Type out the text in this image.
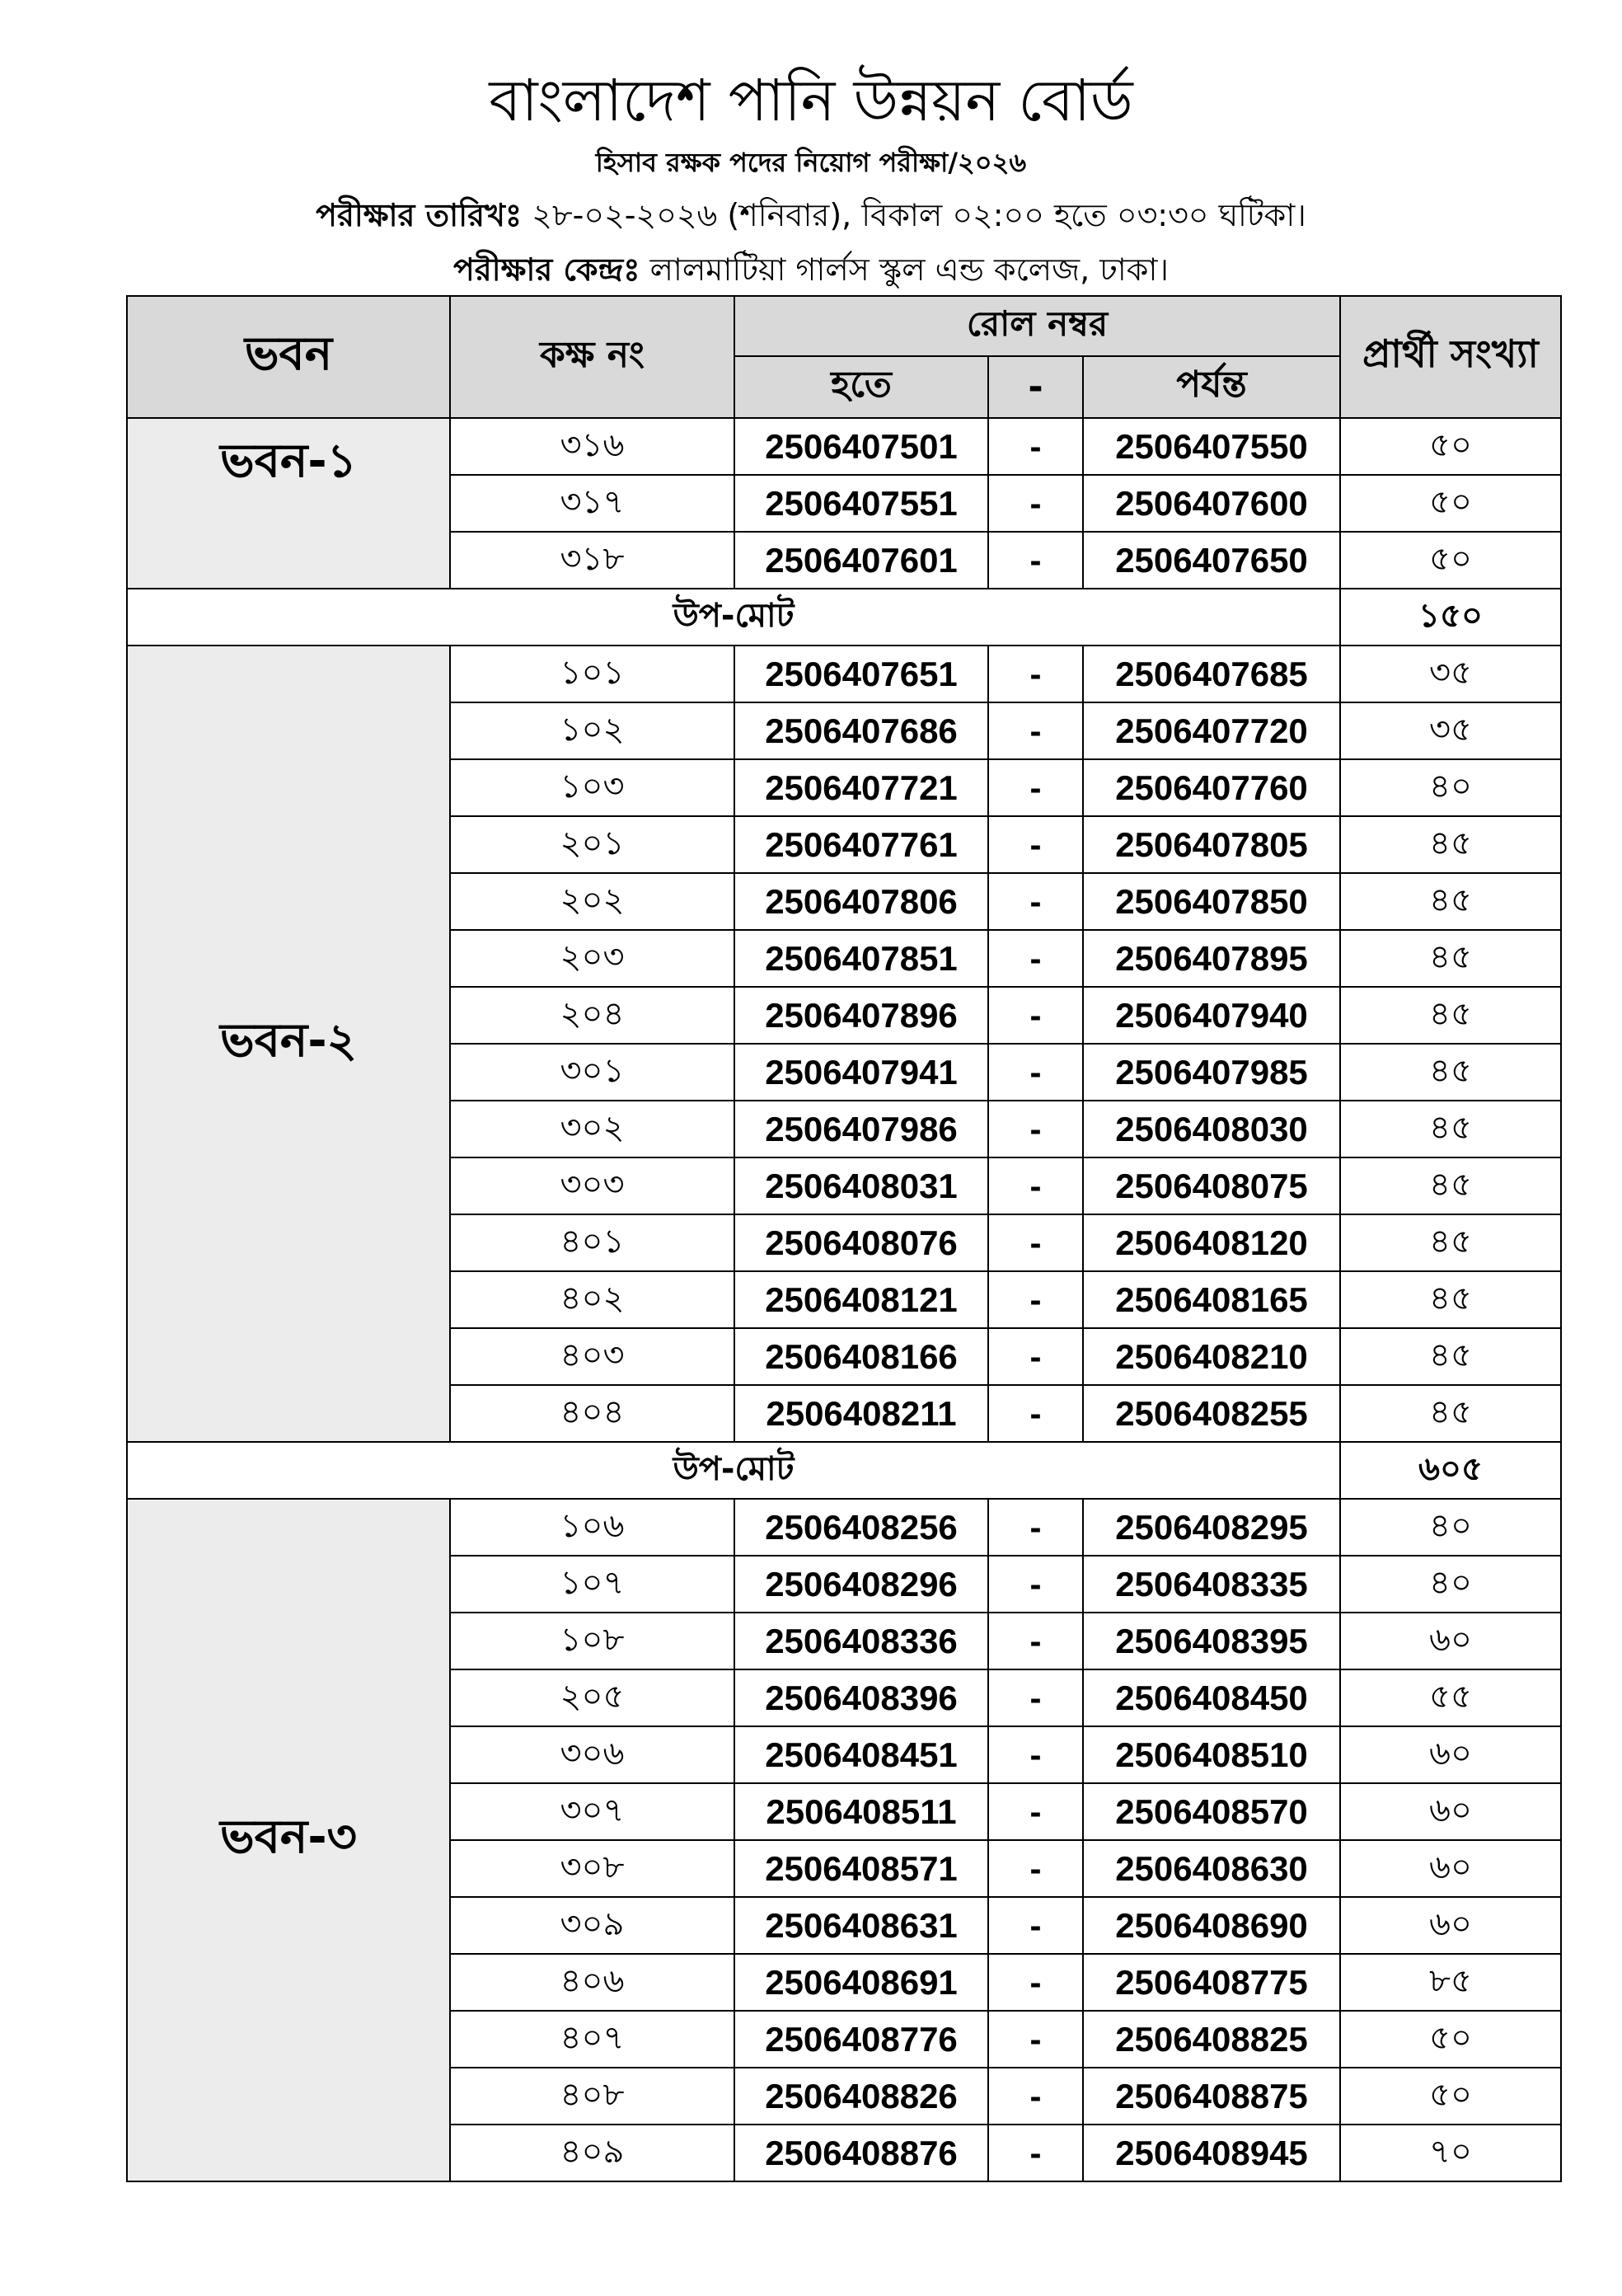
বাংলাদেশ পানি উন্নয়ন বোর্ড
হিসাব রক্ষক পদের নিয়োগ পরীক্ষা/২০২৬
পরীক্ষার তারিখঃ ২৮-০২-২০২৬ (শনিবার), বিকাল ০২:০০ হতে ০৩:৩০ ঘটিকা।
পরীক্ষার কেন্দ্রঃ লালমাটিয়া গার্লস স্কুল এন্ড কলেজ, ঢাকা।
ভবন	কক্ষ নং	রোল নম্বর			প্রার্থী সংখ্যা
		হতে	-	পর্যন্ত	
ভবন-১	৩১৬	2506407501	-	2506407550	৫০
	৩১৭	2506407551	-	2506407600	৫০
	৩১৮	2506407601	-	2506407650	৫০
উপ-মোট					১৫০
ভবন-২	১০১	2506407651	-	2506407685	৩৫
	১০২	2506407686	-	2506407720	৩৫
	১০৩	2506407721	-	2506407760	৪০
	২০১	2506407761	-	2506407805	৪৫
	২০২	2506407806	-	2506407850	৪৫
	২০৩	2506407851	-	2506407895	৪৫
	২০৪	2506407896	-	2506407940	৪৫
	৩০১	2506407941	-	2506407985	৪৫
	৩০২	2506407986	-	2506408030	৪৫
	৩০৩	2506408031	-	2506408075	৪৫
	৪০১	2506408076	-	2506408120	৪৫
	৪০২	2506408121	-	2506408165	৪৫
	৪০৩	2506408166	-	2506408210	৪৫
	৪০৪	2506408211	-	2506408255	৪৫
উপ-মোট					৬০৫
ভবন-৩	১০৬	2506408256	-	2506408295	৪০
	১০৭	2506408296	-	2506408335	৪০
	১০৮	2506408336	-	2506408395	৬০
	২০৫	2506408396	-	2506408450	৫৫
	৩০৬	2506408451	-	2506408510	৬০
	৩০৭	2506408511	-	2506408570	৬০
	৩০৮	2506408571	-	2506408630	৬০
	৩০৯	2506408631	-	2506408690	৬০
	৪০৬	2506408691	-	2506408775	৮৫
	৪০৭	2506408776	-	2506408825	৫০
	৪০৮	2506408826	-	2506408875	৫০
	৪০৯	2506408876	-	2506408945	৭০
